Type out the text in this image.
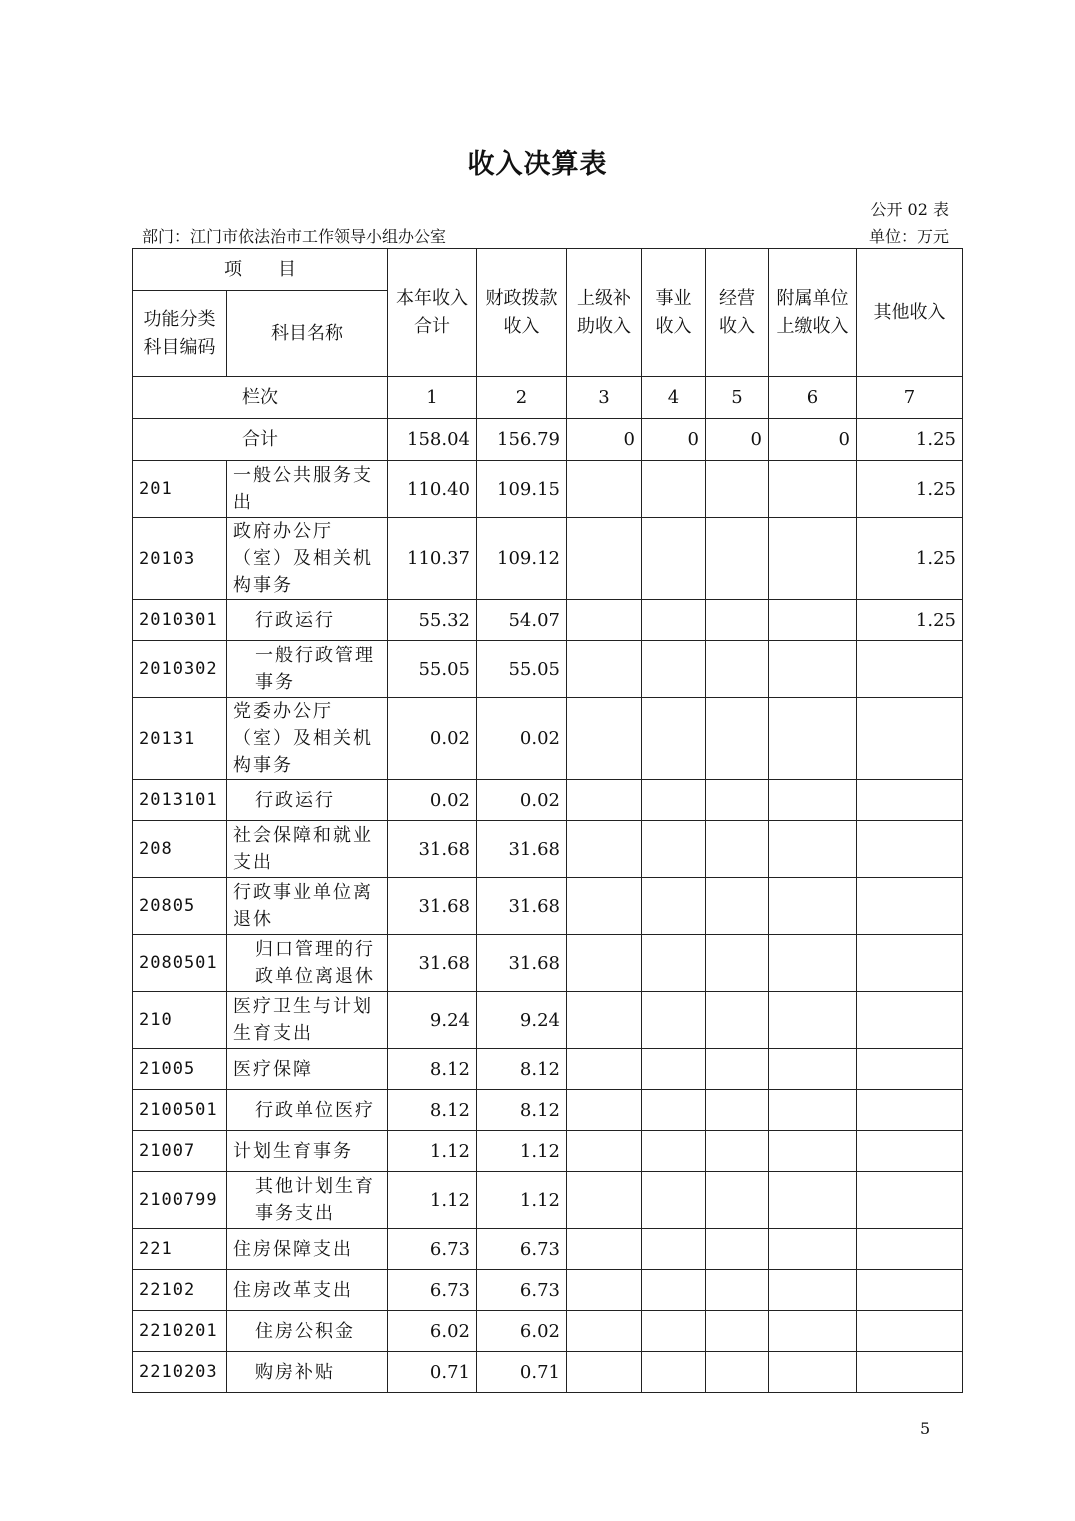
收入决算表
公开 02 表
部门：江门市依法治市工作领导小组办公室	单位：万元
项　　目		本年收入合计	财政拨款收入	上级补助收入	事业收入	经营收入	附属单位上缴收入	其他收入
功能分类科目编码	科目名称							
栏次		1	2	3	4	5	6	7
合计		158.04	156.79	0	0	0	0	1.25
201	一般公共服务支出	110.40	109.15					1.25
20103	政府办公厅（室）及相关机构事务	110.37	109.12					1.25
2010301	行政运行	55.32	54.07					1.25
2010302	一般行政管理事务	55.05	55.05					
20131	党委办公厅（室）及相关机构事务	0.02	0.02					
2013101	行政运行	0.02	0.02					
208	社会保障和就业支出	31.68	31.68					
20805	行政事业单位离退休	31.68	31.68					
2080501	归口管理的行政单位离退休	31.68	31.68					
210	医疗卫生与计划生育支出	9.24	9.24					
21005	医疗保障	8.12	8.12					
2100501	行政单位医疗	8.12	8.12					
21007	计划生育事务	1.12	1.12					
2100799	其他计划生育事务支出	1.12	1.12					
221	住房保障支出	6.73	6.73					
22102	住房改革支出	6.73	6.73					
2210201	住房公积金	6.02	6.02					
2210203	购房补贴	0.71	0.71					
5
